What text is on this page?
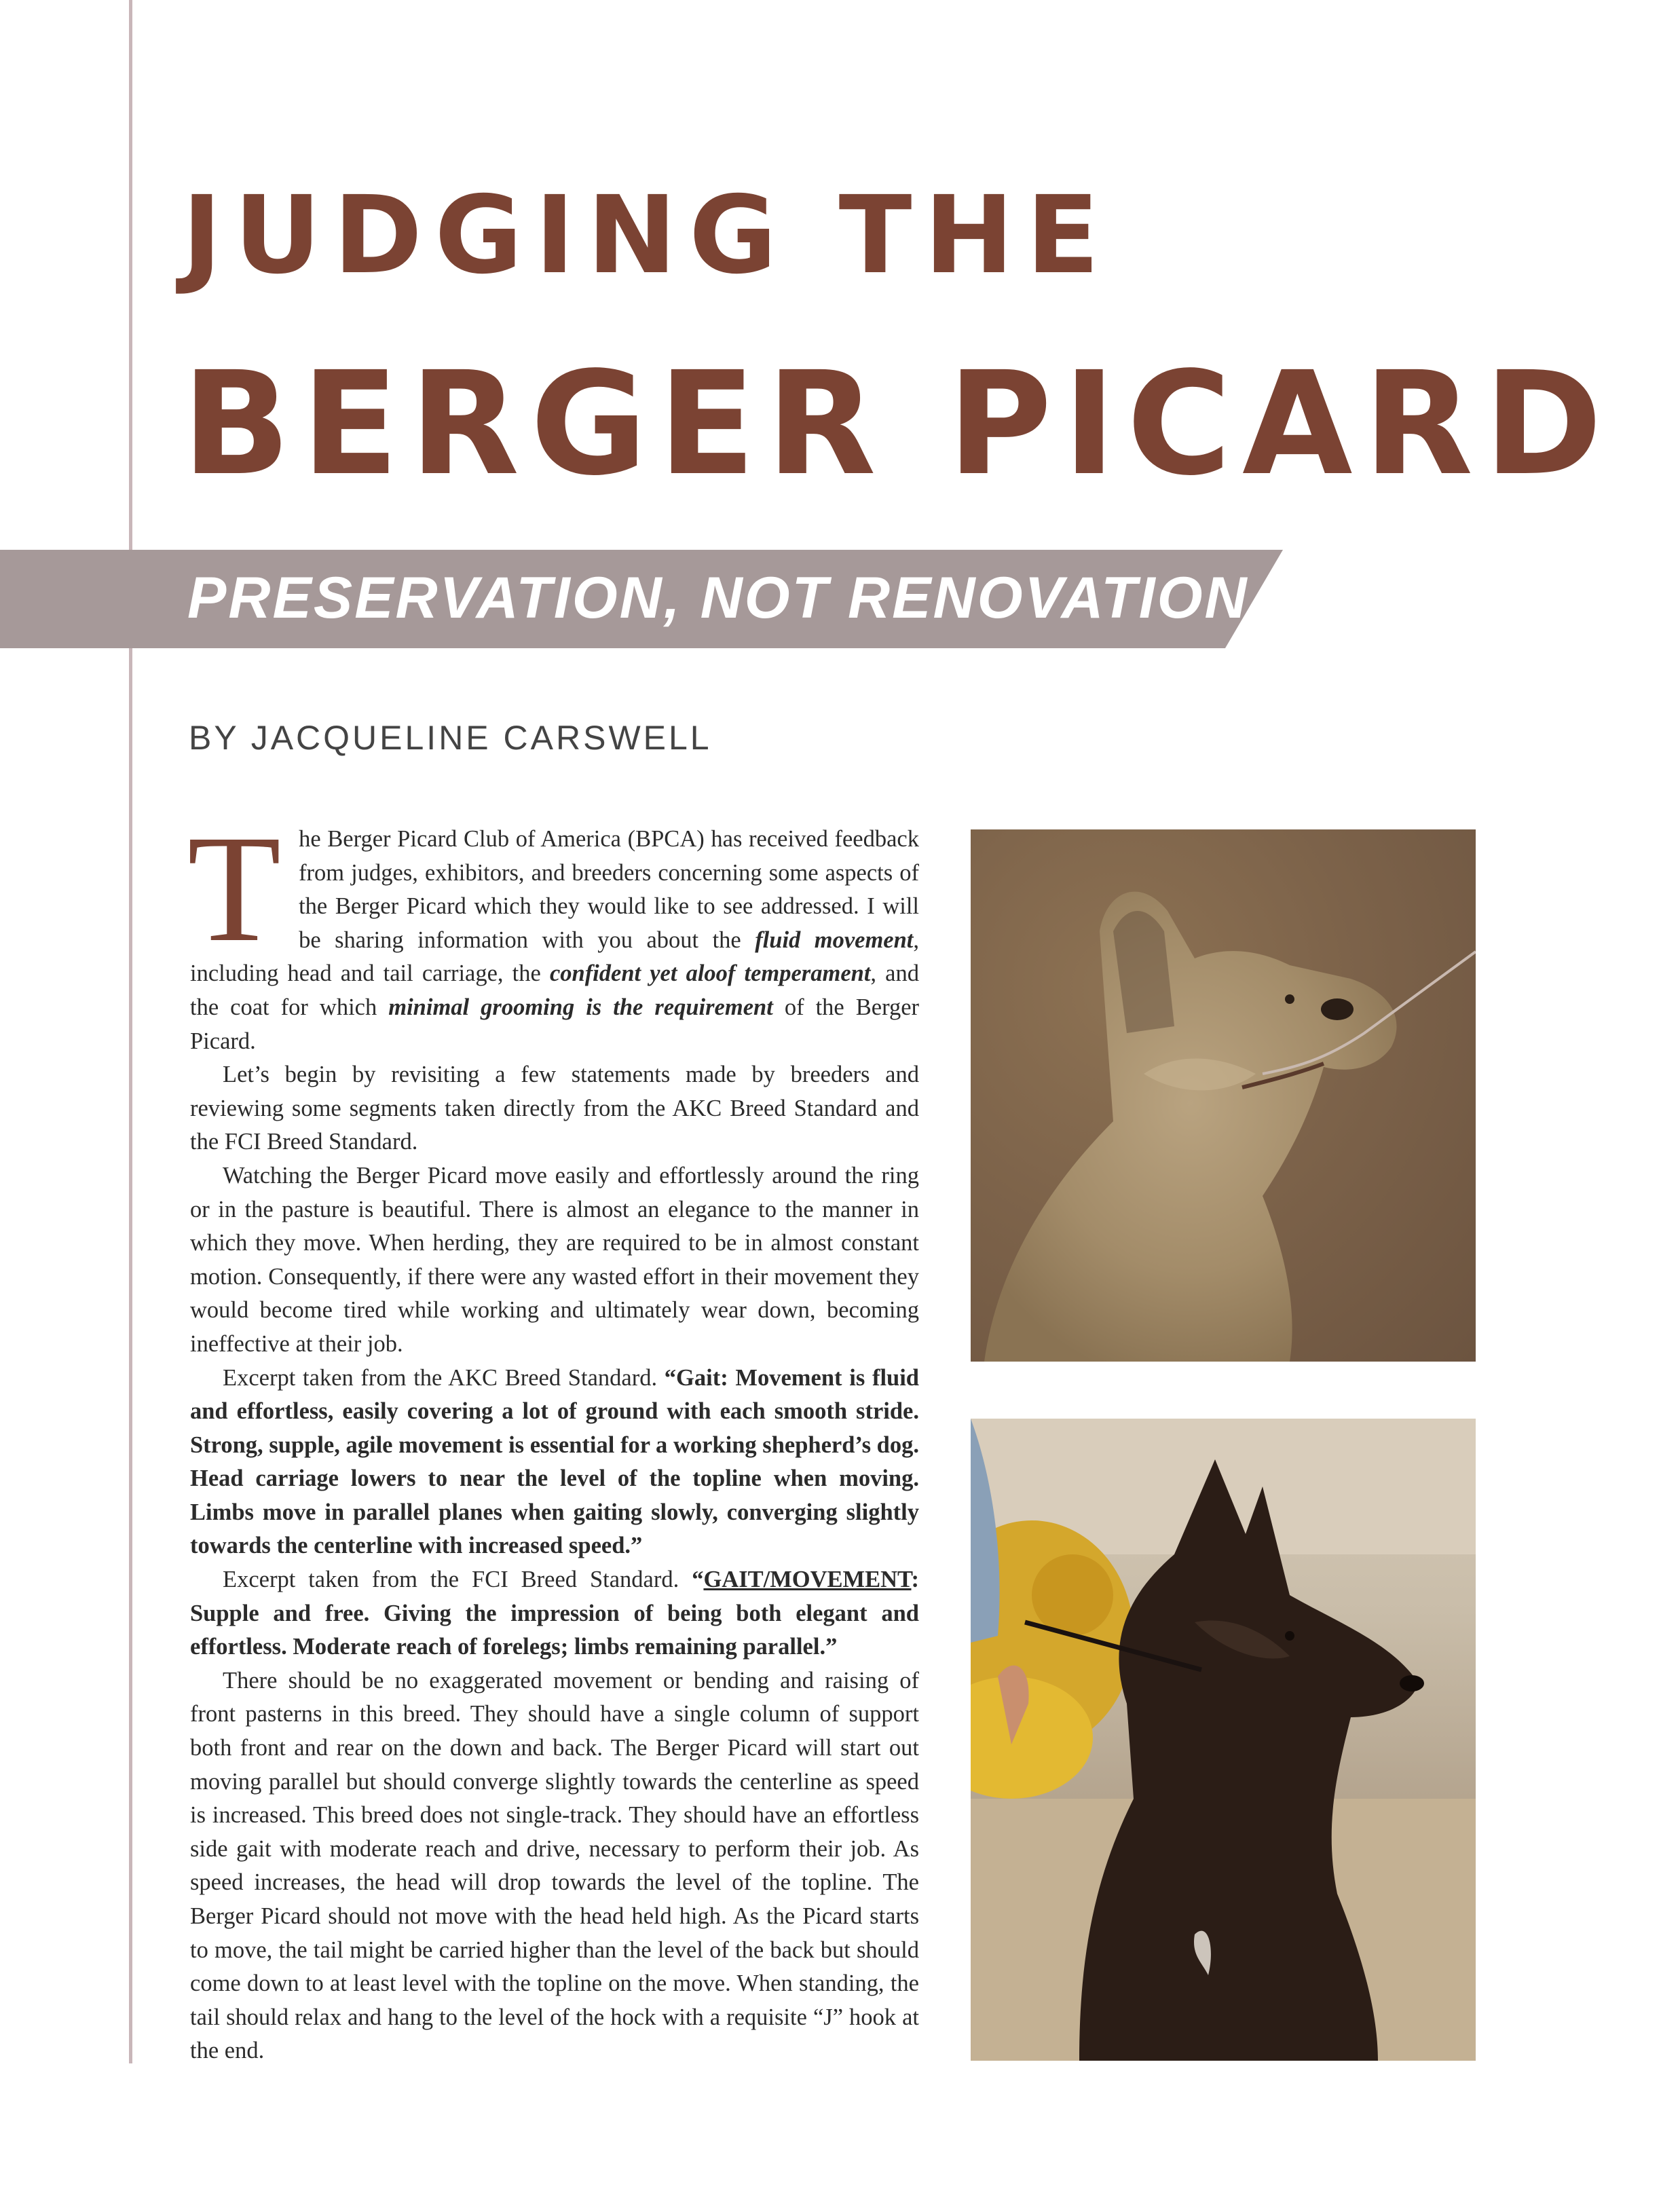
JUDGING THE
BERGER PICARD
PRESERVATION, NOT RENOVATION
BY JACQUELINE CARSWELL

The Berger Picard Club of America (BPCA) has received feedback from judges, exhibitors, and breeders concerning some aspects of the Berger Picard which they would like to see addressed. I will be sharing information with you about the fluid movement, including head and tail carriage, the confident yet aloof temperament, and the coat for which minimal grooming is the requirement of the Berger Picard.

Let’s begin by revisiting a few statements made by breeders and reviewing some segments taken directly from the AKC Breed Standard and the FCI Breed Standard.

Watching the Berger Picard move easily and effortlessly around the ring or in the pasture is beautiful. There is almost an elegance to the manner in which they move. When herding, they are required to be in almost constant motion. Consequently, if there were any wasted effort in their movement they would become tired while working and ultimately wear down, becoming ineffective at their job.

Excerpt taken from the AKC Breed Standard. “Gait: Movement is fluid and effortless, easily covering a lot of ground with each smooth stride. Strong, supple, agile movement is essential for a working shepherd’s dog. Head carriage lowers to near the level of the topline when moving. Limbs move in parallel planes when gaiting slowly, converging slightly towards the centerline with increased speed.”

Excerpt taken from the FCI Breed Standard. “GAIT/MOVEMENT: Supple and free. Giving the impression of being both elegant and effortless. Moderate reach of forelegs; limbs remaining parallel.”

There should be no exaggerated movement or bending and raising of front pasterns in this breed. They should have a single column of support both front and rear on the down and back. The Berger Picard will start out moving parallel but should converge slightly towards the centerline as speed is increased. This breed does not single-track. They should have an effortless side gait with moderate reach and drive, necessary to perform their job. As speed increases, the head will drop towards the level of the topline. The Berger Picard should not move with the head held high. As the Picard starts to move, the tail might be carried higher than the level of the back but should come down to at least level with the topline on the move. When standing, the tail should relax and hang to the level of the hock with a requisite “J” hook at the end.
